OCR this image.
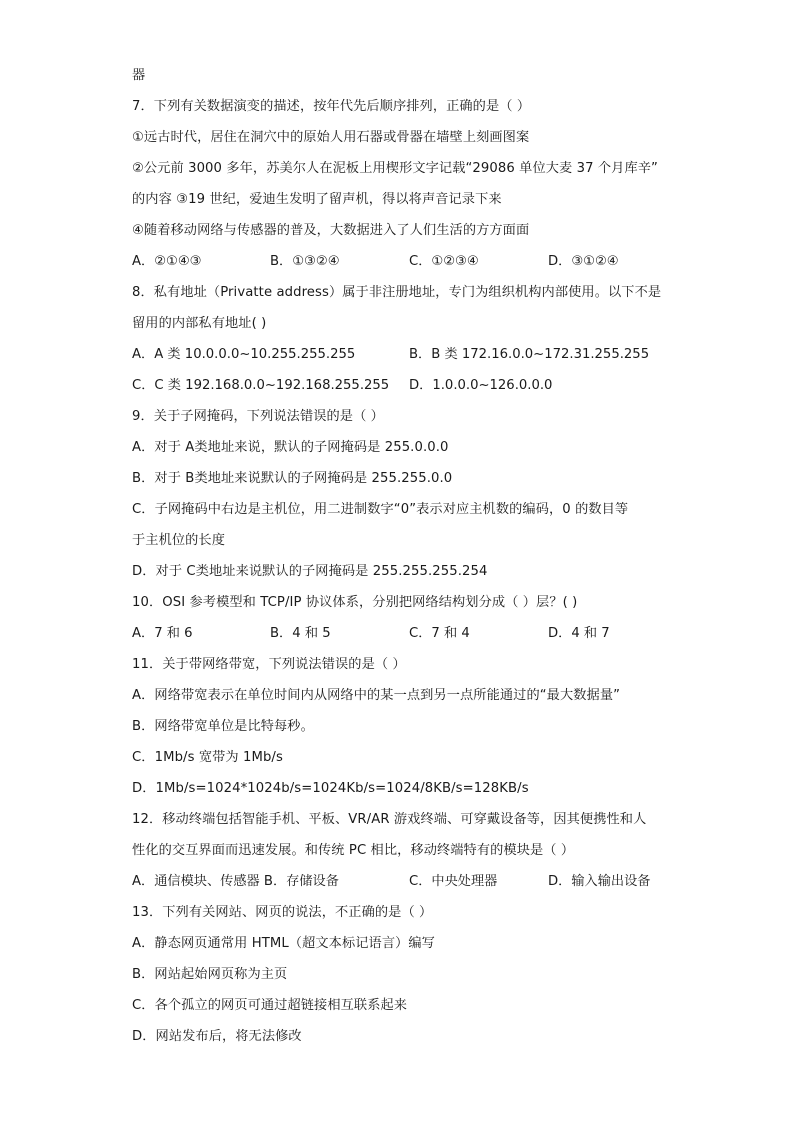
器
7．下列有关数据演变的描述，按年代先后顺序排列，正确的是（ ）
①远古时代，居住在洞穴中的原始人用石器或骨器在墙壁上刻画图案
②公元前 3000 多年，苏美尔人在泥板上用楔形文字记载“29086 单位大麦 37 个月库辛”
的内容 ③19 世纪，爱迪生发明了留声机，得以将声音记录下来
④随着移动网络与传感器的普及，大数据进入了人们生活的方方面面
A．②①④③	B．①③②④	C．①②③④	D．③①②④
8．私有地址（Privatte address）属于非注册地址，专门为组织机构内部使用。以下不是
留用的内部私有地址( )
A．A 类 10.0.0.0~10.255.255.255	B．B 类 172.16.0.0~172.31.255.255
C．C 类 192.168.0.0~192.168.255.255 D．1.0.0.0~126.0.0.0
9．关于子网掩码，下列说法错误的是（ ）
A．对于 A类地址来说，默认的子网掩码是 255.0.0.0
B．对于 B类地址来说默认的子网掩码是 255.255.0.0
C．子网掩码中右边是主机位，用二进制数字“0”表示对应主机数的编码，0 的数目等
于主机位的长度
D．对于 C类地址来说默认的子网掩码是 255.255.255.254
10．OSI 参考模型和 TCP/IP 协议体系，分别把网络结构划分成（ ）层？( )
A．7 和 6	B．4 和 5	C．7 和 4	D．4 和 7
11．关于带网络带宽，下列说法错误的是（ ）
A．网络带宽表示在单位时间内从网络中的某一点到另一点所能通过的“最大数据量”
B．网络带宽单位是比特每秒。
C．1Mb/s 宽带为 1Mb/s
D．1Mb/s=1024*1024b/s=1024Kb/s=1024/8KB/s=128KB/s
12．移动终端包括智能手机、平板、VR/AR 游戏终端、可穿戴设备等，因其便携性和人
性化的交互界面而迅速发展。和传统 PC 相比，移动终端特有的模块是（ ）
A．通信模块、传感器 B．存储设备	C．中央处理器	D．输入输出设备
13．下列有关网站、网页的说法，不正确的是（ ）
A．静态网页通常用 HTML（超文本标记语言）编写
B．网站起始网页称为主页
C．各个孤立的网页可通过超链接相互联系起来
D．网站发布后，将无法修改
